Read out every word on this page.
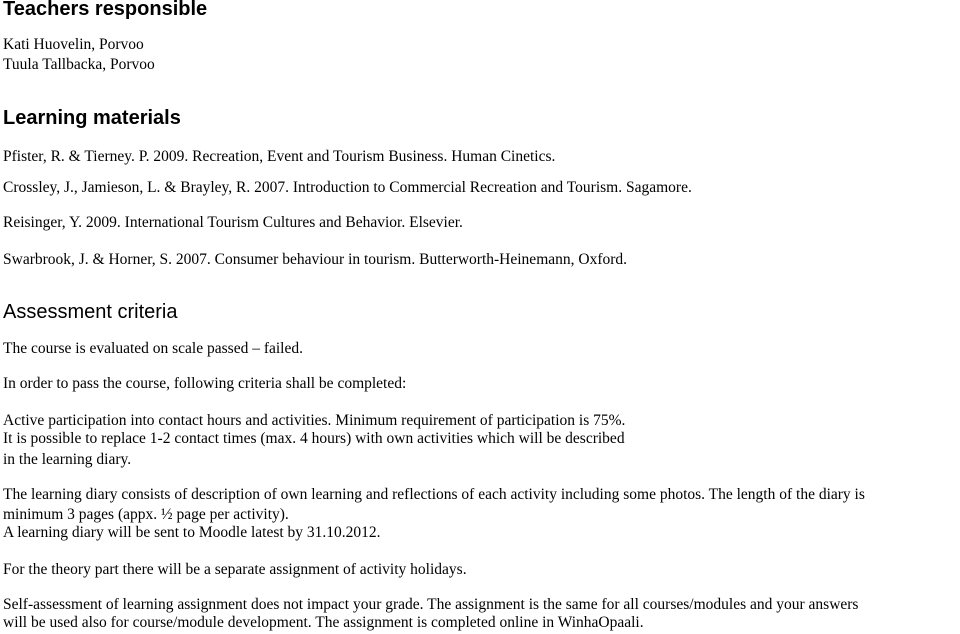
Teachers responsible

Kati Huovelin, Porvoo

Tuula Tallbacka, Porvoo

Learning materials

Pfister, R. & Tierney. P. 2009. Recreation, Event and Tourism Business. Human Cinetics.

Crossley, J., Jamieson, L. & Brayley, R. 2007. Introduction to Commercial Recreation and Tourism. Sagamore.

Reisinger, Y. 2009. International Tourism Cultures and Behavior. Elsevier.

Swarbrook, J. & Horner, S. 2007. Consumer behaviour in tourism. Butterworth-Heinemann, Oxford.

Assessment criteria

The course is evaluated on scale passed – failed.

In order to pass the course, following criteria shall be completed:

Active participation into contact hours and activities. Minimum requirement of participation is 75%.

It is possible to replace 1-2 contact times (max. 4 hours) with own activities which will be described

in the learning diary.

The learning diary consists of description of own learning and reflections of each activity including some photos. The length of the diary is

minimum 3 pages (appx. ½ page per activity).

A learning diary will be sent to Moodle latest by 31.10.2012.

For the theory part there will be a separate assignment of activity holidays.

Self-assessment of learning assignment does not impact your grade. The assignment is the same for all courses/modules and your answers

will be used also for course/module development. The assignment is completed online in WinhaOpaali.
